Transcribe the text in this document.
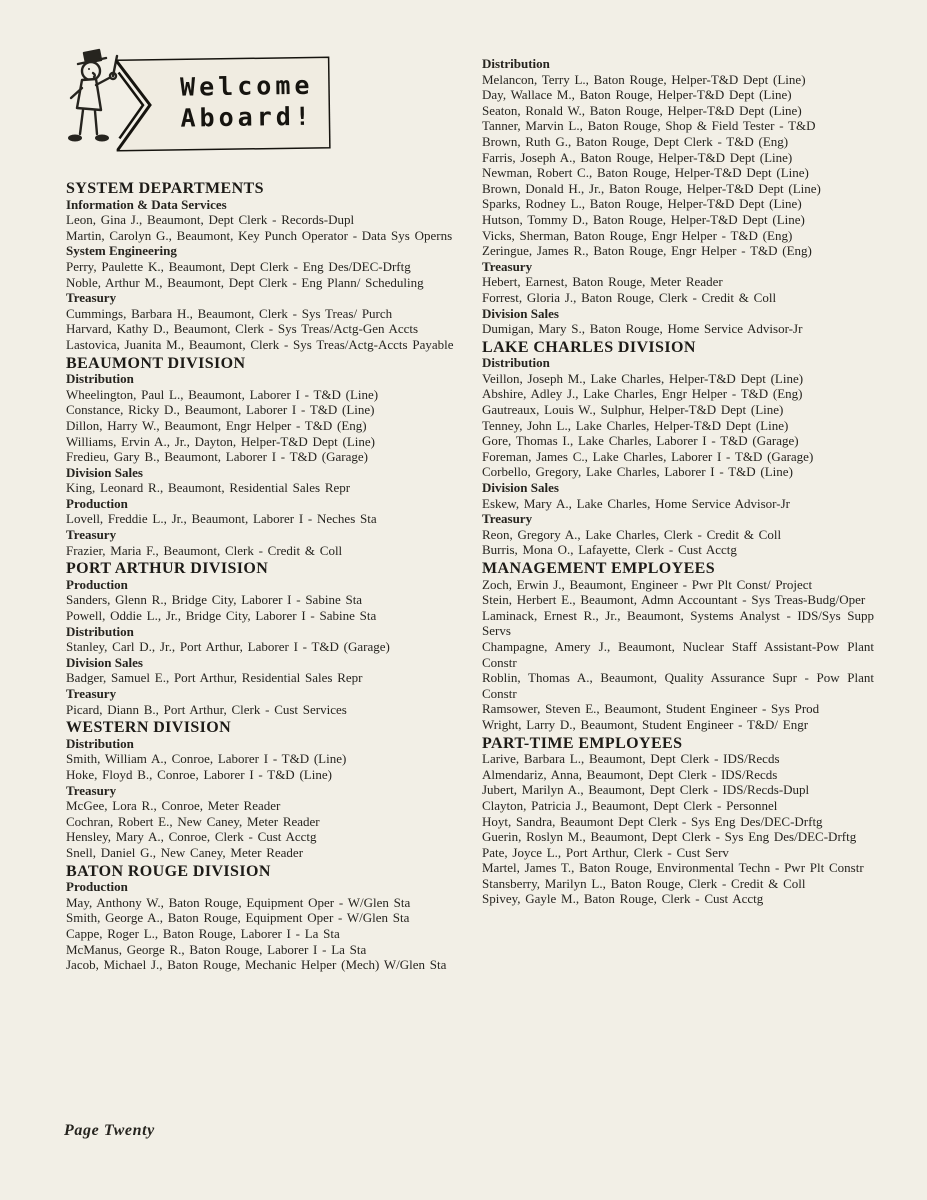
Welcome
Aboard!
SYSTEM DEPARTMENTS
Information & Data Services

Leon, Gina J., Beaumont, Dept Clerk - Records-Dupl

Martin, Carolyn G., Beaumont, Key Punch Operator - Data Sys Operns

System Engineering

Perry, Paulette K., Beaumont, Dept Clerk - Eng Des/DEC-Drftg

Noble, Arthur M., Beaumont, Dept Clerk - Eng Plann/ Scheduling

Treasury

Cummings, Barbara H., Beaumont, Clerk - Sys Treas/ Purch

Harvard, Kathy D., Beaumont, Clerk - Sys Treas/Actg-Gen Accts

Lastovica, Juanita M., Beaumont, Clerk - Sys Treas/Actg-Accts Payable

BEAUMONT DIVISION
Distribution

Wheelington, Paul L., Beaumont, Laborer I - T&D (Line)

Constance, Ricky D., Beaumont, Laborer I - T&D (Line)

Dillon, Harry W., Beaumont, Engr Helper - T&D (Eng)

Williams, Ervin A., Jr., Dayton, Helper-T&D Dept (Line)

Fredieu, Gary B., Beaumont, Laborer I - T&D (Garage)

Division Sales

King, Leonard R., Beaumont, Residential Sales Repr

Production

Lovell, Freddie L., Jr., Beaumont, Laborer I - Neches Sta

Treasury

Frazier, Maria F., Beaumont, Clerk - Credit & Coll

PORT ARTHUR DIVISION
Production

Sanders, Glenn R., Bridge City, Laborer I - Sabine Sta

Powell, Oddie L., Jr., Bridge City, Laborer I - Sabine Sta

Distribution

Stanley, Carl D., Jr., Port Arthur, Laborer I - T&D (Garage)

Division Sales

Badger, Samuel E., Port Arthur, Residential Sales Repr

Treasury

Picard, Diann B., Port Arthur, Clerk - Cust Services

WESTERN DIVISION
Distribution

Smith, William A., Conroe, Laborer I - T&D (Line)

Hoke, Floyd B., Conroe, Laborer I - T&D (Line)

Treasury

McGee, Lora R., Conroe, Meter Reader

Cochran, Robert E., New Caney, Meter Reader

Hensley, Mary A., Conroe, Clerk - Cust Acctg

Snell, Daniel G., New Caney, Meter Reader

BATON ROUGE DIVISION
Production

May, Anthony W., Baton Rouge, Equipment Oper - W/Glen Sta

Smith, George A., Baton Rouge, Equipment Oper - W/Glen Sta

Cappe, Roger L., Baton Rouge, Laborer I - La Sta

McManus, George R., Baton Rouge, Laborer I - La Sta

Jacob, Michael J., Baton Rouge, Mechanic Helper (Mech) W/Glen Sta

Distribution

Melancon, Terry L., Baton Rouge, Helper-T&D Dept (Line)

Day, Wallace M., Baton Rouge, Helper-T&D Dept (Line)

Seaton, Ronald W., Baton Rouge, Helper-T&D Dept (Line)

Tanner, Marvin L., Baton Rouge, Shop & Field Tester - T&D

Brown, Ruth G., Baton Rouge, Dept Clerk - T&D (Eng)

Farris, Joseph A., Baton Rouge, Helper-T&D Dept (Line)

Newman, Robert C., Baton Rouge, Helper-T&D Dept (Line)

Brown, Donald H., Jr., Baton Rouge, Helper-T&D Dept (Line)

Sparks, Rodney L., Baton Rouge, Helper-T&D Dept (Line)

Hutson, Tommy D., Baton Rouge, Helper-T&D Dept (Line)

Vicks, Sherman, Baton Rouge, Engr Helper - T&D (Eng)

Zeringue, James R., Baton Rouge, Engr Helper - T&D (Eng)

Treasury

Hebert, Earnest, Baton Rouge, Meter Reader

Forrest, Gloria J., Baton Rouge, Clerk - Credit & Coll

Division Sales

Dumigan, Mary S., Baton Rouge, Home Service Advisor-Jr

LAKE CHARLES DIVISION
Distribution

Veillon, Joseph M., Lake Charles, Helper-T&D Dept (Line)

Abshire, Adley J., Lake Charles, Engr Helper - T&D (Eng)

Gautreaux, Louis W., Sulphur, Helper-T&D Dept (Line)

Tenney, John L., Lake Charles, Helper-T&D Dept (Line)

Gore, Thomas I., Lake Charles, Laborer I - T&D (Garage)

Foreman, James C., Lake Charles, Laborer I - T&D (Garage)

Corbello, Gregory, Lake Charles, Laborer I - T&D (Line)

Division Sales

Eskew, Mary A., Lake Charles, Home Service Advisor-Jr

Treasury

Reon, Gregory A., Lake Charles, Clerk - Credit & Coll

Burris, Mona O., Lafayette, Clerk - Cust Acctg

MANAGEMENT EMPLOYEES

Zoch, Erwin J., Beaumont, Engineer - Pwr Plt Const/ Project

Stein, Herbert E., Beaumont, Admn Accountant - Sys Treas-Budg/Oper

Laminack, Ernest R., Jr., Beaumont, Systems Analyst - IDS/Sys Supp Servs

Champagne, Amery J., Beaumont, Nuclear Staff Assistant-Pow Plant Constr

Roblin, Thomas A., Beaumont, Quality Assurance Supr - Pow Plant Constr

Ramsower, Steven E., Beaumont, Student Engineer - Sys Prod

Wright, Larry D., Beaumont, Student Engineer - T&D/ Engr

PART-TIME EMPLOYEES

Larive, Barbara L., Beaumont, Dept Clerk - IDS/Recds

Almendariz, Anna, Beaumont, Dept Clerk - IDS/Recds

Jubert, Marilyn A., Beaumont, Dept Clerk - IDS/Recds-Dupl

Clayton, Patricia J., Beaumont, Dept Clerk - Personnel

Hoyt, Sandra, Beaumont Dept Clerk - Sys Eng Des/DEC-Drftg

Guerin, Roslyn M., Beaumont, Dept Clerk - Sys Eng Des/DEC-Drftg

Pate, Joyce L., Port Arthur, Clerk - Cust Serv

Martel, James T., Baton Rouge, Environmental Techn - Pwr Plt Constr

Stansberry, Marilyn L., Baton Rouge, Clerk - Credit & Coll

Spivey, Gayle M., Baton Rouge, Clerk - Cust Acctg

Page Twenty
